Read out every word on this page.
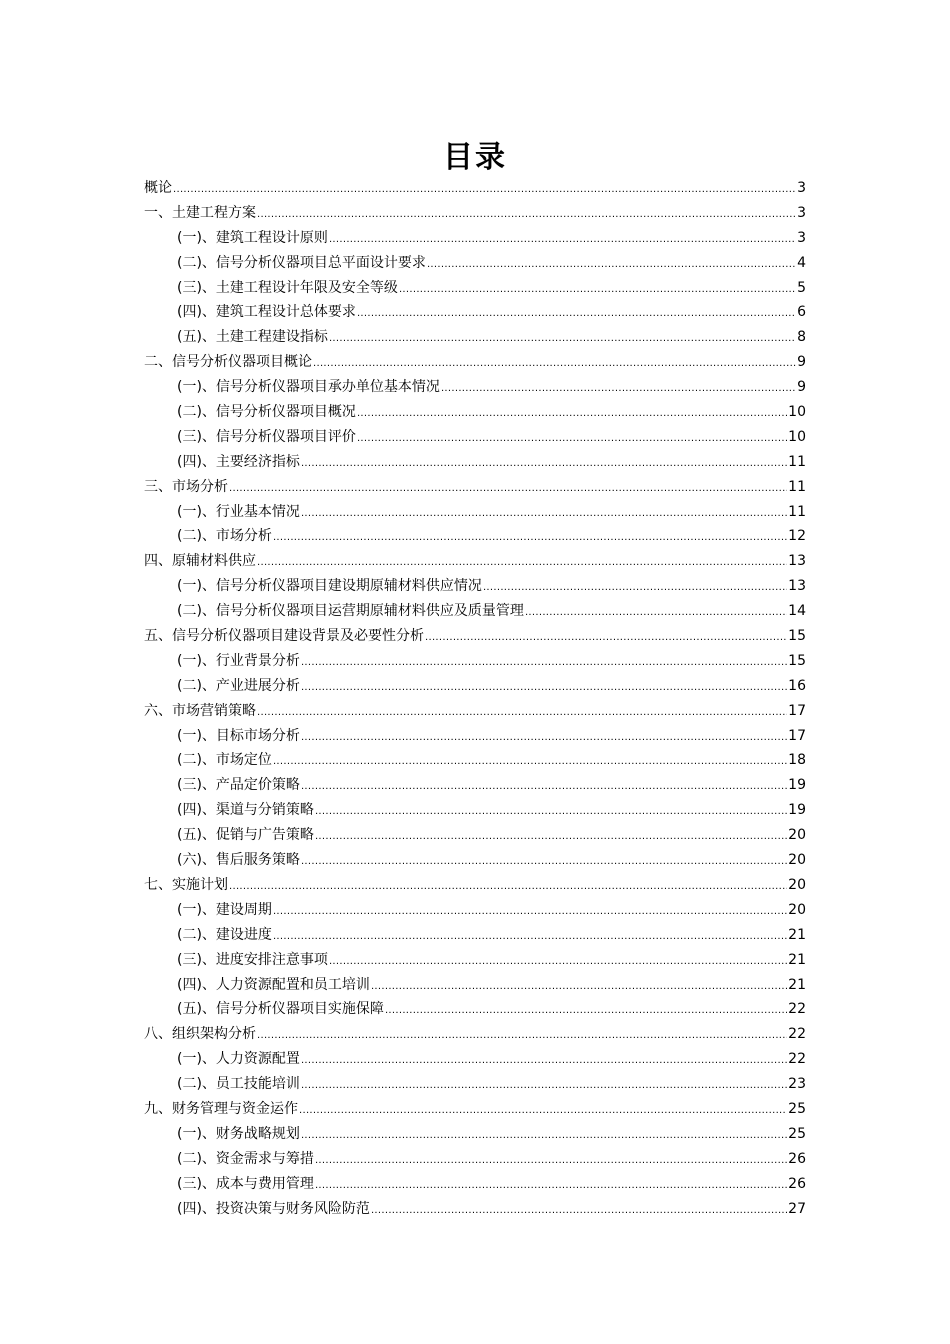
目录
概论 .....	3
一、土建工程方案 .....	3
(一)、建筑工程设计原则 .....	3
(二)、信号分析仪器项目总平面设计要求 .....	4
(三)、土建工程设计年限及安全等级 .....	5
(四)、建筑工程设计总体要求 .....	6
(五)、土建工程建设指标 .....	8
二、信号分析仪器项目概论 .....	9
(一)、信号分析仪器项目承办单位基本情况 .....	9
(二)、信号分析仪器项目概况 .....	10
(三)、信号分析仪器项目评价 .....	10
(四)、主要经济指标 .....	11
三、市场分析 .....	11
(一)、行业基本情况 .....	11
(二)、市场分析 .....	12
四、原辅材料供应 .....	13
(一)、信号分析仪器项目建设期原辅材料供应情况 .....	13
(二)、信号分析仪器项目运营期原辅材料供应及质量管理 .....	14
五、信号分析仪器项目建设背景及必要性分析 .....	15
(一)、行业背景分析 .....	15
(二)、产业进展分析 .....	16
六、市场营销策略 .....	17
(一)、目标市场分析 .....	17
(二)、市场定位 .....	18
(三)、产品定价策略 .....	19
(四)、渠道与分销策略 .....	19
(五)、促销与广告策略 .....	20
(六)、售后服务策略 .....	20
七、实施计划 .....	20
(一)、建设周期 .....	20
(二)、建设进度 .....	21
(三)、进度安排注意事项 .....	21
(四)、人力资源配置和员工培训 .....	21
(五)、信号分析仪器项目实施保障 .....	22
八、组织架构分析 .....	22
(一)、人力资源配置 .....	22
(二)、员工技能培训 .....	23
九、财务管理与资金运作 .....	25
(一)、财务战略规划 .....	25
(二)、资金需求与筹措 .....	26
(三)、成本与费用管理 .....	26
(四)、投资决策与财务风险防范 .....	27
